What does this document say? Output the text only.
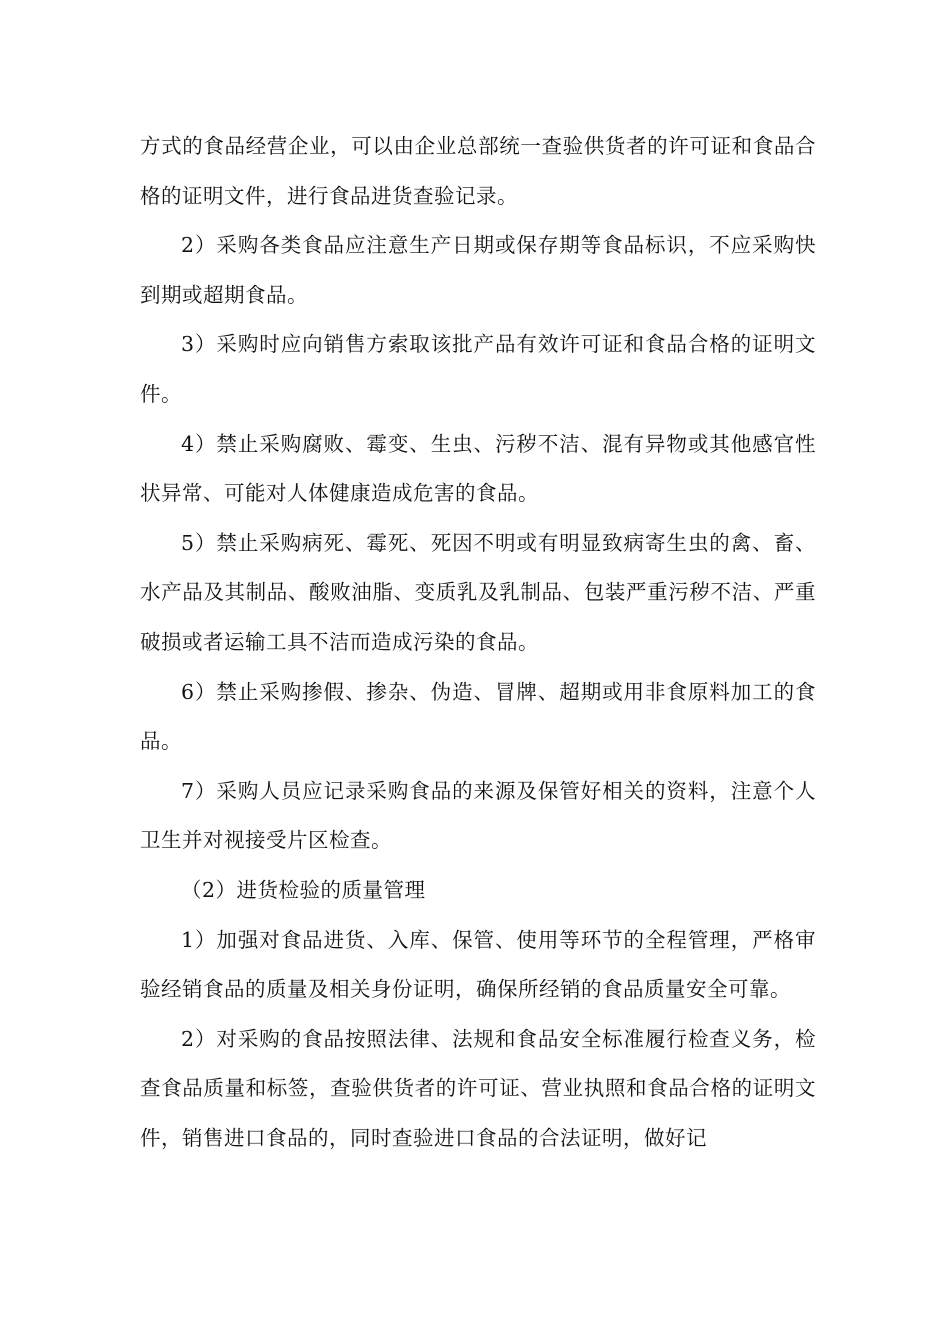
方式的食品经营企业，可以由企业总部统一查验供货者的许可证和食品合格的证明文件，进行食品进货查验记录。

2）采购各类食品应注意生产日期或保存期等食品标识，不应采购快到期或超期食品。

3）采购时应向销售方索取该批产品有效许可证和食品合格的证明文件。

4）禁止采购腐败、霉变、生虫、污秽不洁、混有异物或其他感官性状异常、可能对人体健康造成危害的食品。

5）禁止采购病死、霉死、死因不明或有明显致病寄生虫的禽、畜、水产品及其制品、酸败油脂、变质乳及乳制品、包装严重污秽不洁、严重破损或者运输工具不洁而造成污染的食品。

6）禁止采购掺假、掺杂、伪造、冒牌、超期或用非食原料加工的食品。

7）采购人员应记录采购食品的来源及保管好相关的资料，注意个人卫生并对视接受片区检查。

（2）进货检验的质量管理

1）加强对食品进货、入库、保管、使用等环节的全程管理，严格审验经销食品的质量及相关身份证明，确保所经销的食品质量安全可靠。

2）对采购的食品按照法律、法规和食品安全标准履行检查义务，检查食品质量和标签，查验供货者的许可证、营业执照和食品合格的证明文件，销售进口食品的，同时查验进口食品的合法证明，做好记
